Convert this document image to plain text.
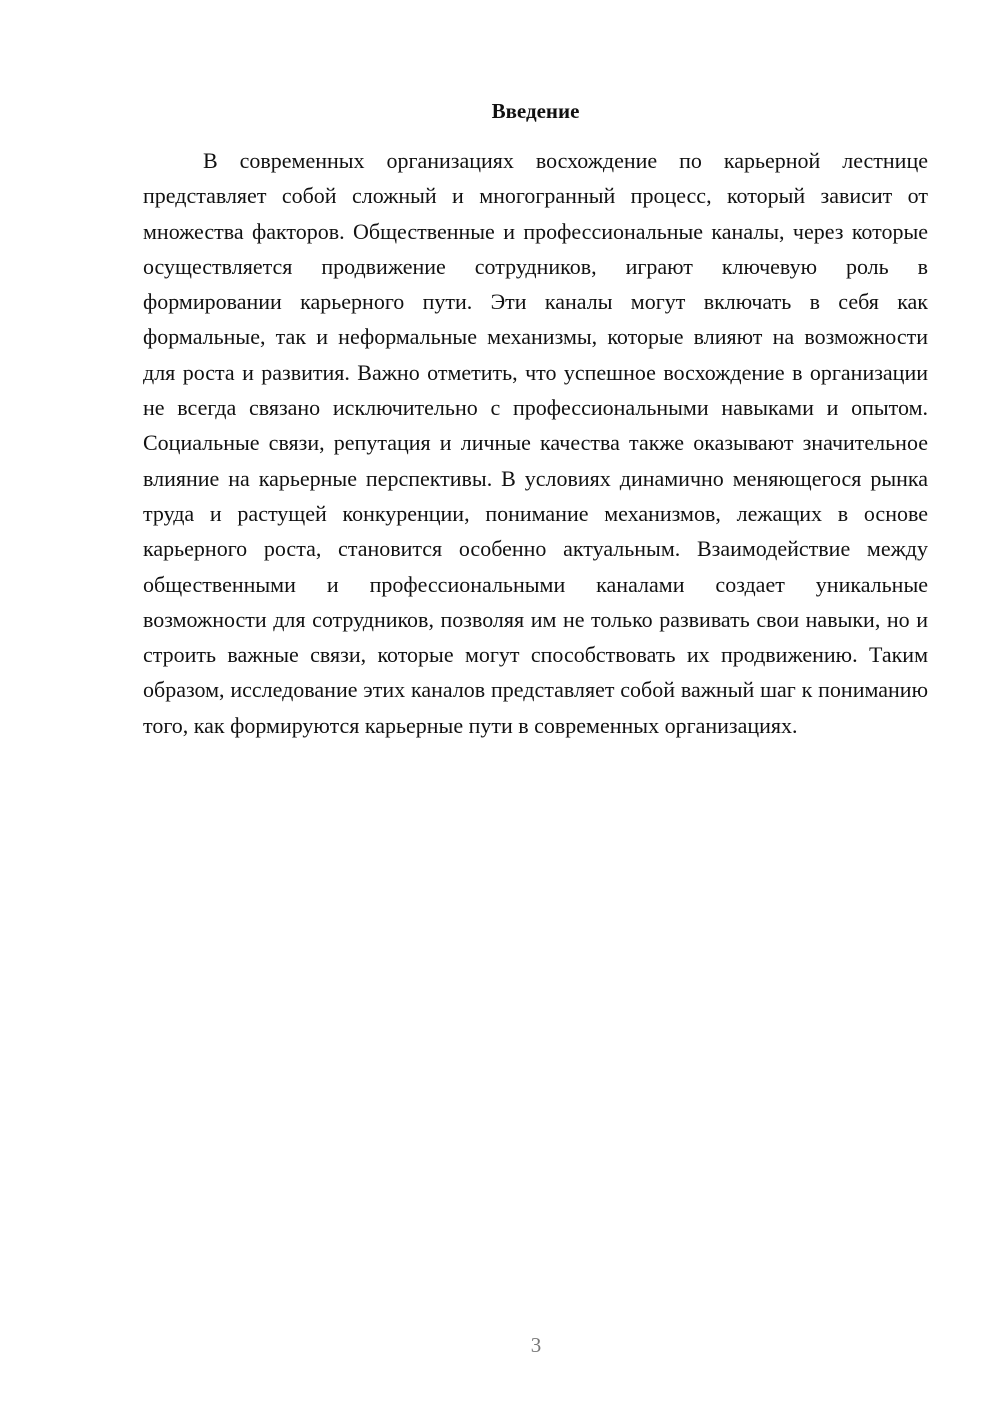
Введение

В современных организациях восхождение по карьерной лестнице представляет собой сложный и многогранный процесс, который зависит от множества факторов. Общественные и профессиональные каналы, через которые осуществляется продвижение сотрудников, играют ключевую роль в формировании карьерного пути. Эти каналы могут включать в себя как формальные, так и неформальные механизмы, которые влияют на возможности для роста и развития. Важно отметить, что успешное восхождение в организации не всегда связано исключительно с профессиональными навыками и опытом. Социальные связи, репутация и личные качества также оказывают значительное влияние на карьерные перспективы. В условиях динамично меняющегося рынка труда и растущей конкуренции, понимание механизмов, лежащих в основе карьерного роста, становится особенно актуальным. Взаимодействие между общественными и профессиональными каналами создает уникальные возможности для сотрудников, позволяя им не только развивать свои навыки, но и строить важные связи, которые могут способствовать их продвижению. Таким образом, исследование этих каналов представляет собой важный шаг к пониманию того, как формируются карьерные пути в современных организациях.

3
